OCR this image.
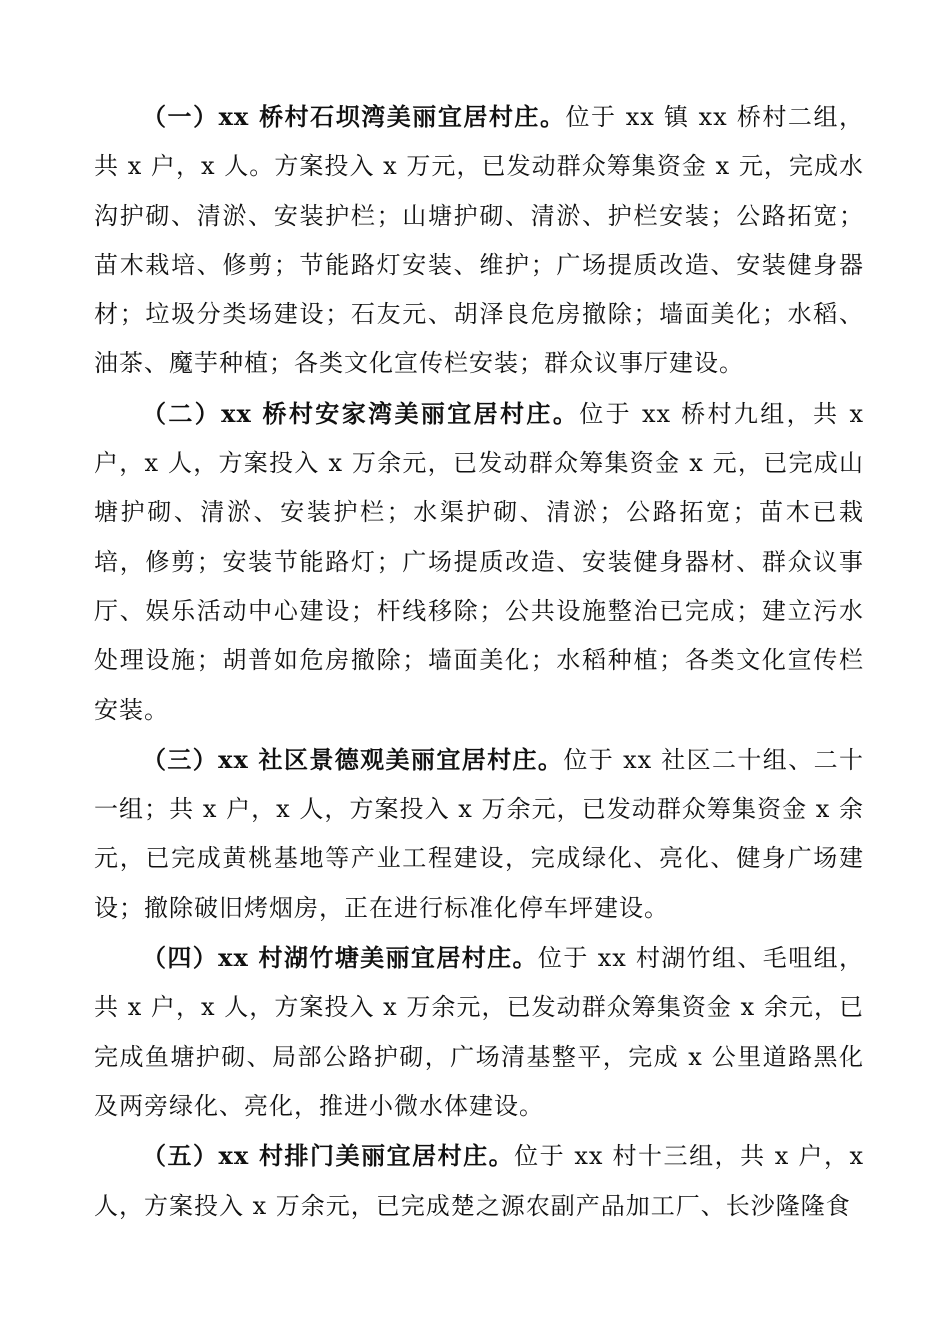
（一）xx 桥村石坝湾美丽宜居村庄。位于 xx 镇 xx 桥村二组，共 x 户，x 人。方案投入 x 万元，已发动群众筹集资金 x 元，完成水沟护砌、清淤、安装护栏；山塘护砌、清淤、护栏安装；公路拓宽；苗木栽培、修剪；节能路灯安装、维护；广场提质改造、安装健身器材；垃圾分类场建设；石友元、胡泽良危房撤除；墙面美化；水稻、油茶、魔芋种植；各类文化宣传栏安装；群众议事厅建设。

（二）xx 桥村安家湾美丽宜居村庄。位于 xx 桥村九组，共 x 户，x 人，方案投入 x 万余元，已发动群众筹集资金 x 元，已完成山塘护砌、清淤、安装护栏；水渠护砌、清淤；公路拓宽；苗木已栽培，修剪；安装节能路灯；广场提质改造、安装健身器材、群众议事厅、娱乐活动中心建设；杆线移除；公共设施整治已完成；建立污水处理设施；胡普如危房撤除；墙面美化；水稻种植；各类文化宣传栏安装。

（三）xx 社区景德观美丽宜居村庄。位于 xx 社区二十组、二十一组；共 x 户，x 人，方案投入 x 万余元，已发动群众筹集资金 x 余元，已完成黄桃基地等产业工程建设，完成绿化、亮化、健身广场建设；撤除破旧烤烟房，正在进行标准化停车坪建设。

（四）xx 村湖竹塘美丽宜居村庄。位于 xx 村湖竹组、毛咀组，共 x 户，x 人，方案投入 x 万余元，已发动群众筹集资金 x 余元，已完成鱼塘护砌、局部公路护砌，广场清基整平，完成 x 公里道路黑化及两旁绿化、亮化，推进小微水体建设。

（五）xx 村排门美丽宜居村庄。位于 xx 村十三组，共 x 户，x 人，方案投入 x 万余元，已完成楚之源农副产品加工厂、长沙隆隆食
